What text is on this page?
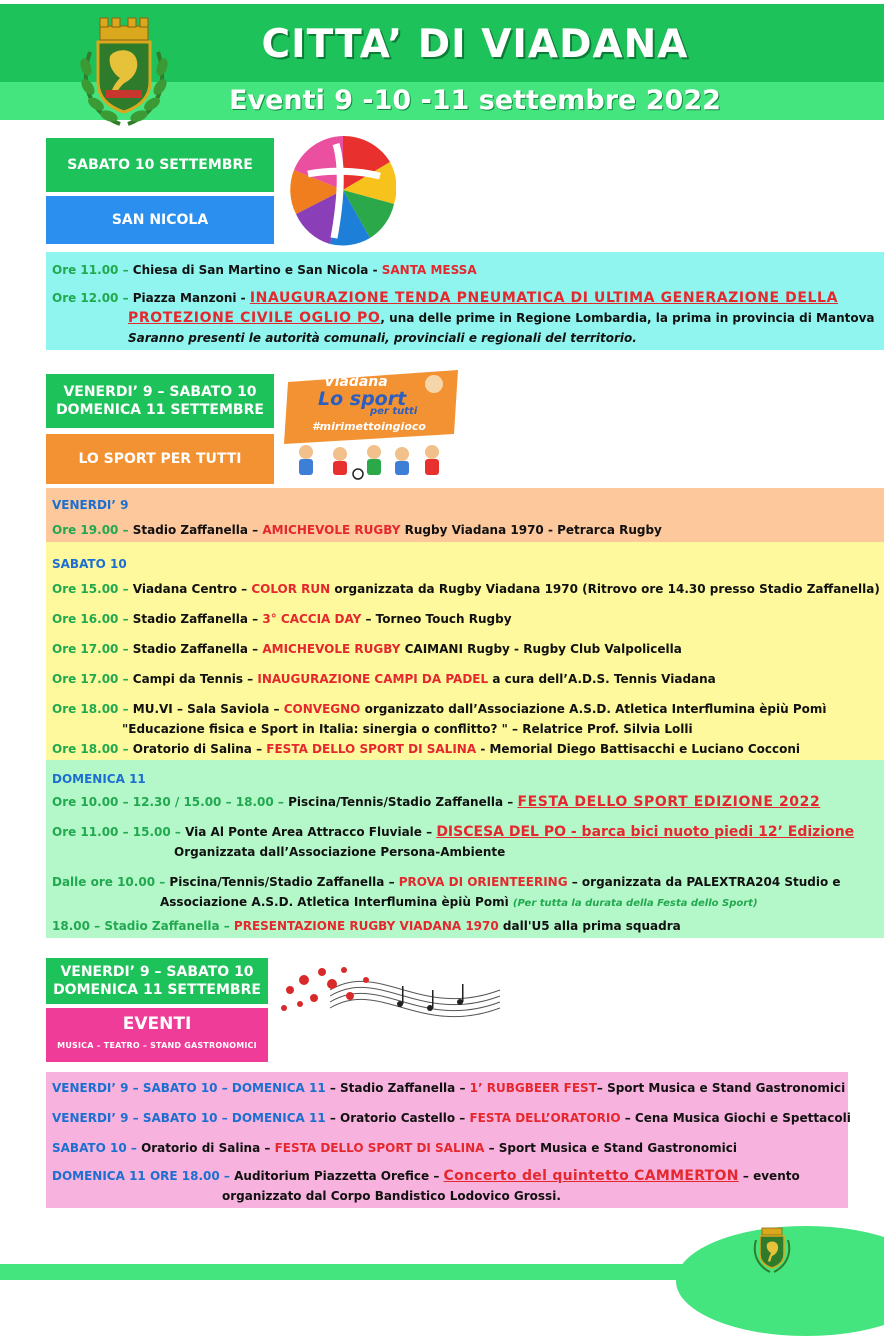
CITTA’ DI VIADANA
Eventi 9 -10 -11 settembre 2022
SABATO 10 SETTEMBRE
SAN NICOLA
Ore 11.00 – Chiesa di San Martino e San Nicola - SANTA MESSA
Ore 12.00 – Piazza Manzoni - INAUGURAZIONE TENDA PNEUMATICA DI ULTIMA GENERAZIONE DELLA
PROTEZIONE CIVILE OGLIO PO, una delle prime in Regione Lombardia, la prima in provincia di Mantova
Saranno presenti le autorità comunali, provinciali e regionali del territorio.
VENERDI’ 9 – SABATO 10
DOMENICA 11 SETTEMBRE
LO SPORT PER TUTTI
Viadana
Lo sport
per tutti
#mirimettoingioco
VENERDI’ 9
Ore 19.00 – Stadio Zaffanella – AMICHEVOLE RUGBY Rugby Viadana 1970 - Petrarca Rugby
SABATO 10
Ore 15.00 – Viadana Centro – COLOR RUN organizzata da Rugby Viadana 1970 (Ritrovo ore 14.30 presso Stadio Zaffanella)
Ore 16.00 – Stadio Zaffanella – 3° CACCIA DAY – Torneo Touch Rugby
Ore 17.00 – Stadio Zaffanella – AMICHEVOLE RUGBY CAIMANI Rugby - Rugby Club Valpolicella
Ore 17.00 – Campi da Tennis – INAUGURAZIONE CAMPI DA PADEL a cura dell’A.D.S. Tennis Viadana
Ore 18.00 – MU.VI – Sala Saviola – CONVEGNO organizzato dall’Associazione A.S.D. Atletica Interflumina èpiù Pomì
"Educazione fisica e Sport in Italia: sinergia o conflitto? " – Relatrice Prof. Silvia Lolli
Ore 18.00 – Oratorio di Salina – FESTA DELLO SPORT DI SALINA - Memorial Diego Battisacchi e Luciano Cocconi
DOMENICA 11
Ore 10.00 – 12.30 / 15.00 – 18.00 – Piscina/Tennis/Stadio Zaffanella – FESTA DELLO SPORT EDIZIONE 2022
Ore 11.00 – 15.00 – Via Al Ponte Area Attracco Fluviale – DISCESA DEL PO - barca bici nuoto piedi 12’ Edizione
Organizzata dall’Associazione Persona-Ambiente
Dalle ore 10.00 – Piscina/Tennis/Stadio Zaffanella – PROVA DI ORIENTEERING – organizzata da PALEXTRA204 Studio e
Associazione A.S.D. Atletica Interflumina èpiù Pomì (Per tutta la durata della Festa dello Sport)
18.00 – Stadio Zaffanella – PRESENTAZIONE RUGBY VIADANA 1970 dall'U5 alla prima squadra
VENERDI’ 9 – SABATO 10
DOMENICA 11 SETTEMBRE
EVENTI
MUSICA – TEATRO – STAND GASTRONOMICI
VENERDI’ 9 – SABATO 10 – DOMENICA 11 – Stadio Zaffanella – 1’ RUBGBEER FEST– Sport Musica e Stand Gastronomici
VENERDI’ 9 – SABATO 10 – DOMENICA 11 – Oratorio Castello – FESTA DELL’ORATORIO – Cena Musica Giochi e Spettacoli
SABATO 10 – Oratorio di Salina – FESTA DELLO SPORT DI SALINA – Sport Musica e Stand Gastronomici
DOMENICA 11 ORE 18.00 – Auditorium Piazzetta Orefice – Concerto del quintetto CAMMERTON – evento
organizzato dal Corpo Bandistico Lodovico Grossi.
